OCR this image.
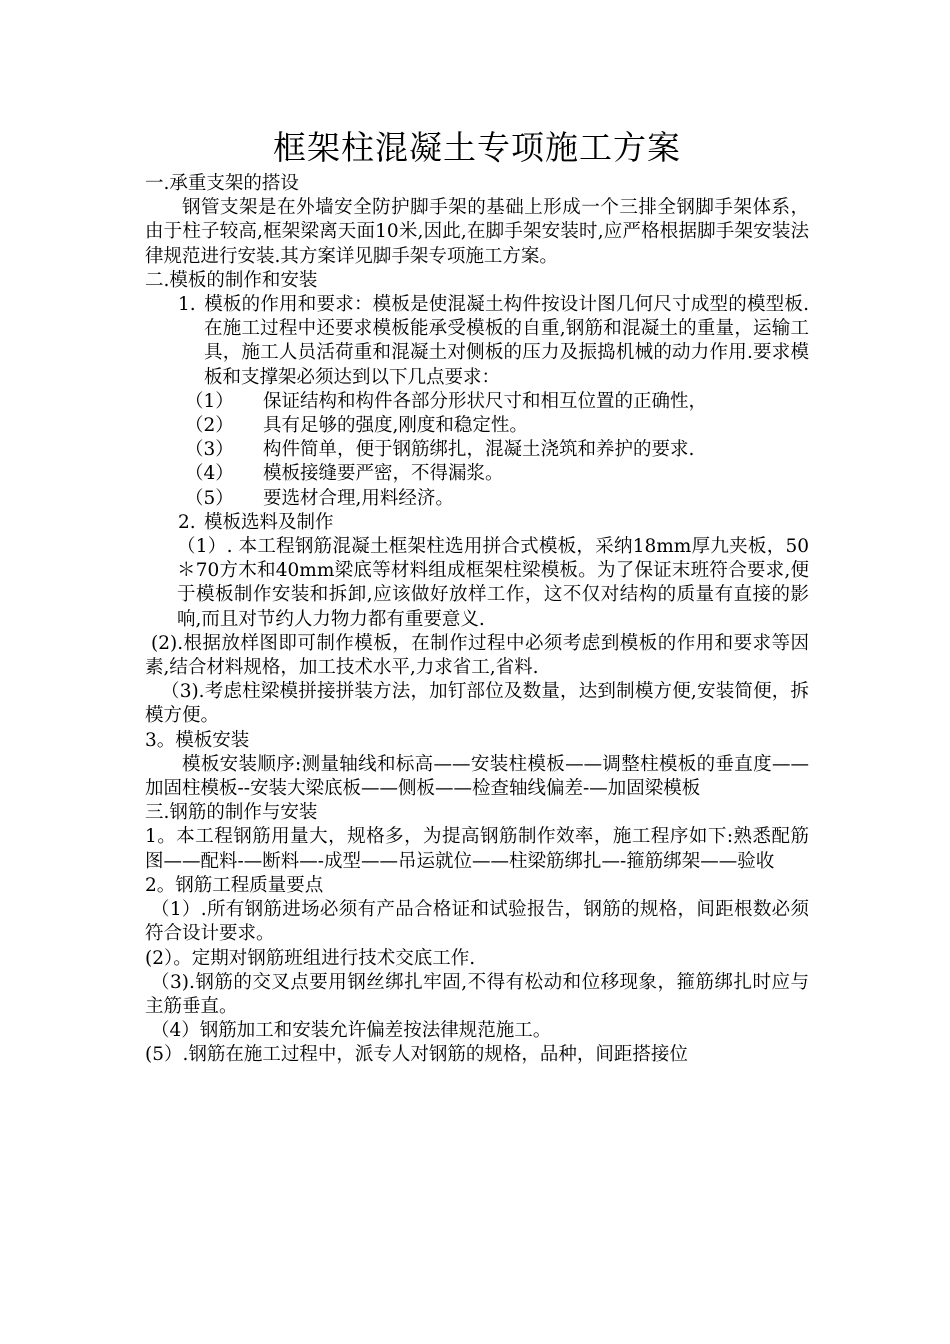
框架柱混凝土专项施工方案

一.承重支架的搭设

钢管支架是在外墙安全防护脚手架的基础上形成一个三排全钢脚手架体系，由于柱子较高,框架梁离天面10米,因此,在脚手架安装时,应严格根据脚手架安装法律规范进行安装.其方案详见脚手架专项施工方案。

二.模板的制作和安装

1. 模板的作用和要求：模板是使混凝土构件按设计图几何尺寸成型的模型板.在施工过程中还要求模板能承受模板的自重,钢筋和混凝土的重量，运输工具，施工人员活荷重和混凝土对侧板的压力及振捣机械的动力作用.要求模板和支撑架必须达到以下几点要求：

（1）	保证结构和构件各部分形状尺寸和相互位置的正确性，

（2）	具有足够的强度,刚度和稳定性。

（3）	构件简单，便于钢筋绑扎，混凝土浇筑和养护的要求.

（4）	模板接缝要严密，不得漏浆。

（5）	要选材合理,用料经济。

2. 模板选料及制作

（1）. 本工程钢筋混凝土框架柱选用拼合式模板，采纳18mm厚九夹板，50＊70方木和40mm梁底等材料组成框架柱梁模板。为了保证末班符合要求,便于模板制作安装和拆卸,应该做好放样工作，这不仅对结构的质量有直接的影响,而且对节约人力物力都有重要意义.

(2).根据放样图即可制作模板，在制作过程中必须考虑到模板的作用和要求等因素,结合材料规格，加工技术水平,力求省工,省料.

（3).考虑柱梁模拼接拼装方法，加钉部位及数量，达到制模方便,安装简便，拆模方便。

3。模板安装

模板安装顺序:测量轴线和标高——安装柱模板——调整柱模板的垂直度——加固柱模板--安装大梁底板——侧板——检查轴线偏差-—加固梁模板

三.钢筋的制作与安装

1。本工程钢筋用量大，规格多，为提高钢筋制作效率，施工程序如下:熟悉配筋图——配料-—断料—-成型——吊运就位——柱梁筋绑扎—-箍筋绑架——验收

2。钢筋工程质量要点

（1）.所有钢筋进场必须有产品合格证和试验报告，钢筋的规格，间距根数必须符合设计要求。

(2）。定期对钢筋班组进行技术交底工作.

（3).钢筋的交叉点要用钢丝绑扎牢固,不得有松动和位移现象，箍筋绑扎时应与主筋垂直。

（4）钢筋加工和安装允许偏差按法律规范施工。

(5）.钢筋在施工过程中，派专人对钢筋的规格，品种，间距搭接位
